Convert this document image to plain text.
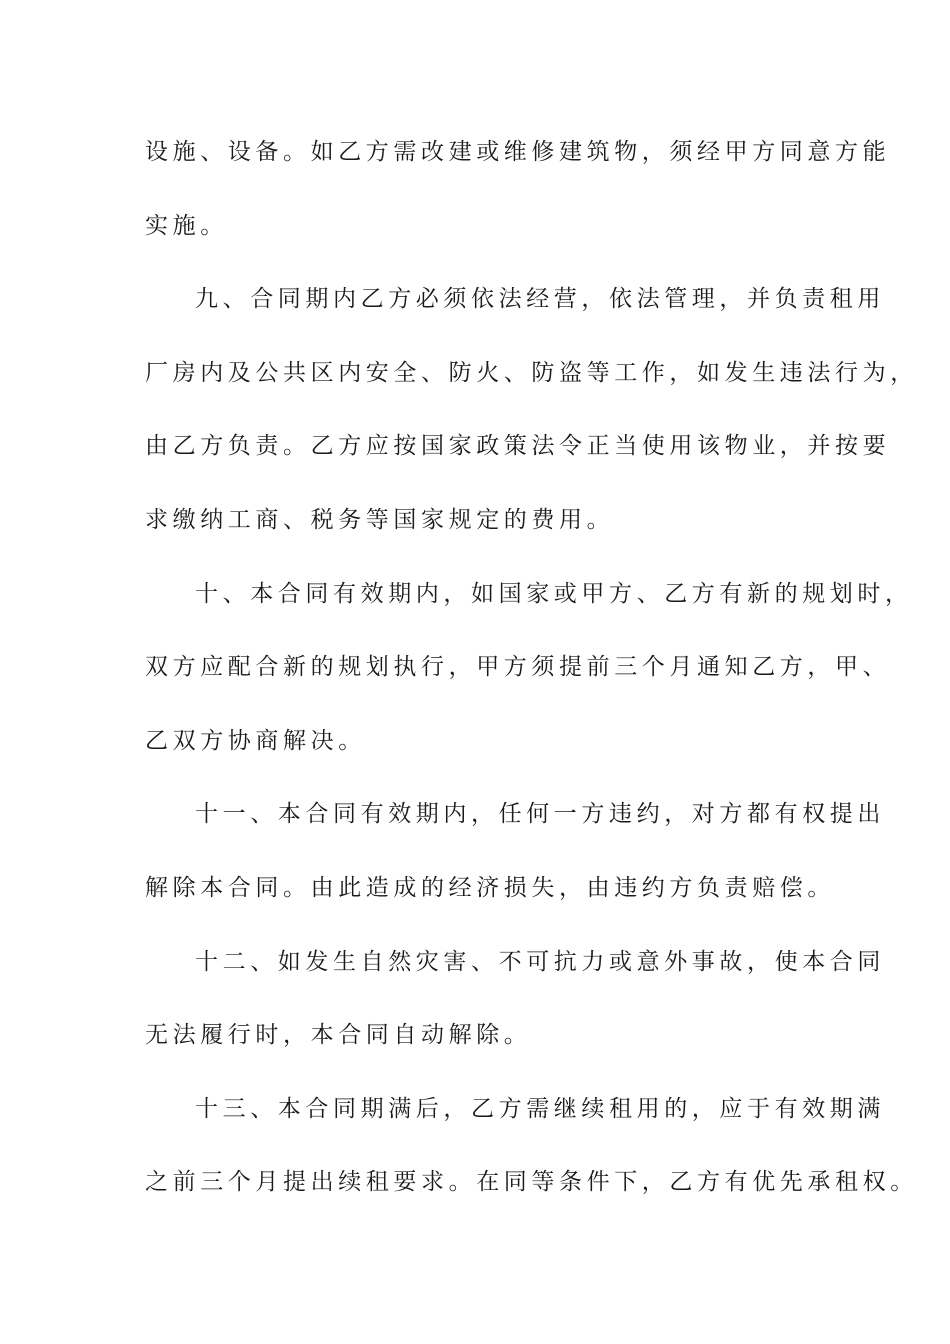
设施、设备。如乙方需改建或维修建筑物，须经甲方同意方能
实施。
九、合同期内乙方必须依法经营，依法管理，并负责租用
厂房内及公共区内安全、防火、防盗等工作，如发生违法行为，
由乙方负责。乙方应按国家政策法令正当使用该物业，并按要
求缴纳工商、税务等国家规定的费用。
十、本合同有效期内，如国家或甲方、乙方有新的规划时，
双方应配合新的规划执行，甲方须提前三个月通知乙方，甲、
乙双方协商解决。
十一、本合同有效期内，任何一方违约，对方都有权提出
解除本合同。由此造成的经济损失，由违约方负责赔偿。
十二、如发生自然灾害、不可抗力或意外事故，使本合同
无法履行时，本合同自动解除。
十三、本合同期满后，乙方需继续租用的，应于有效期满
之前三个月提出续租要求。在同等条件下，乙方有优先承租权。
